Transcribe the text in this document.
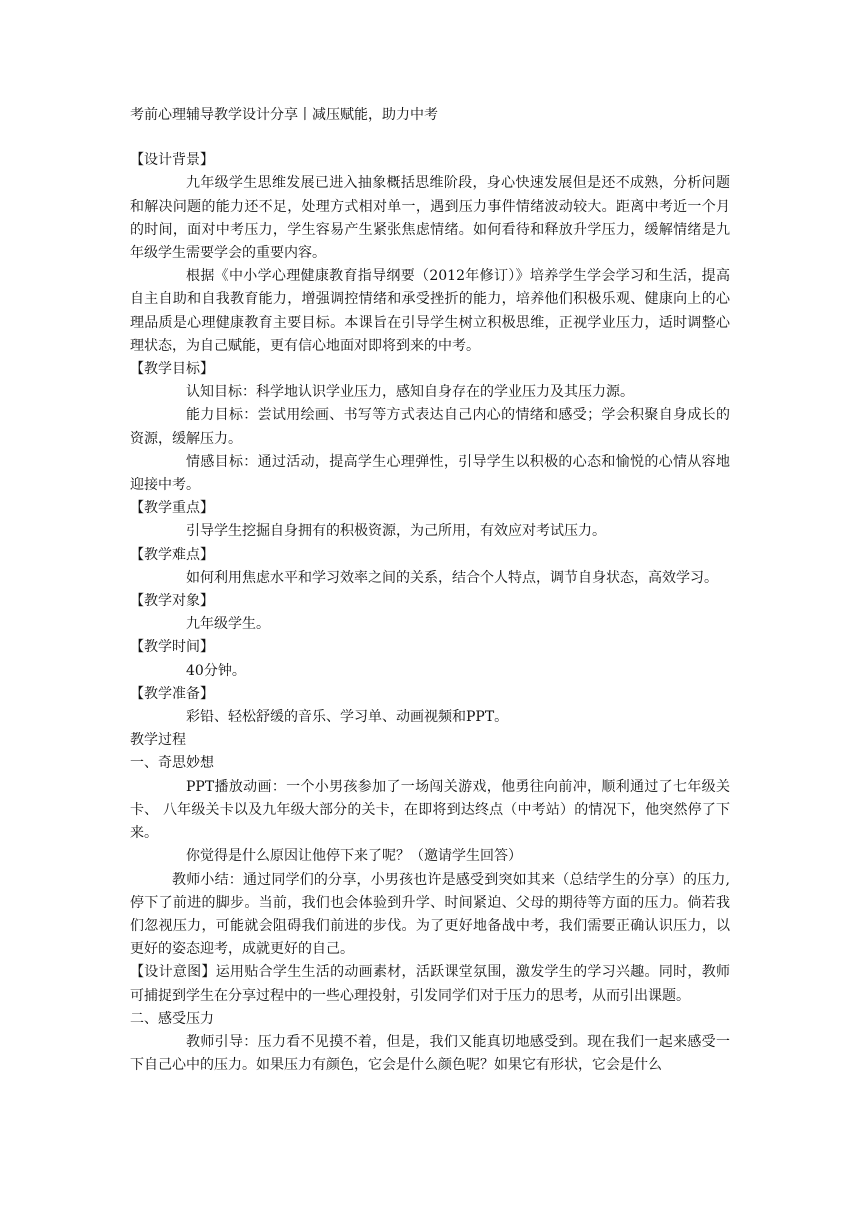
考前心理辅导教学设计分享丨减压赋能，助力中考

【设计背景】

九年级学生思维发展已进入抽象概括思维阶段，身心快速发展但是还不成熟，分析问题和解决问题的能力还不足，处理方式相对单一，遇到压力事件情绪波动较大。距离中考近一个月的时间，面对中考压力，学生容易产生紧张焦虑情绪。如何看待和释放升学压力，缓解情绪是九年级学生需要学会的重要内容。

根据《中小学心理健康教育指导纲要（2012年修订）》培养学生学会学习和生活，提高自主自助和自我教育能力，增强调控情绪和承受挫折的能力，培养他们积极乐观、健康向上的心理品质是心理健康教育主要目标。本课旨在引导学生树立积极思维，正视学业压力，适时调整心理状态，为自己赋能，更有信心地面对即将到来的中考。

【教学目标】

认知目标：科学地认识学业压力，感知自身存在的学业压力及其压力源。

能力目标：尝试用绘画、书写等方式表达自己内心的情绪和感受；学会积聚自身成长的资源，缓解压力。

情感目标：通过活动，提高学生心理弹性，引导学生以积极的心态和愉悦的心情从容地迎接中考。

【教学重点】

引导学生挖掘自身拥有的积极资源，为己所用，有效应对考试压力。

【教学难点】

如何利用焦虑水平和学习效率之间的关系，结合个人特点，调节自身状态，高效学习。

【教学对象】

九年级学生。

【教学时间】

40分钟。

【教学准备】

彩铅、轻松舒缓的音乐、学习单、动画视频和PPT。

教学过程

一、奇思妙想

PPT播放动画：一个小男孩参加了一场闯关游戏，他勇往向前冲，顺利通过了七年级关卡、 八年级关卡以及九年级大部分的关卡，在即将到达终点（中考站）的情况下，他突然停了下来。

你觉得是什么原因让他停下来了呢？（邀请学生回答）

教师小结：通过同学们的分享，小男孩也许是感受到突如其来（总结学生的分享）的压力,停下了前进的脚步。当前，我们也会体验到升学、时间紧迫、父母的期待等方面的压力。倘若我们忽视压力，可能就会阻碍我们前进的步伐。为了更好地备战中考，我们需要正确认识压力，以更好的姿态迎考，成就更好的自己。

【设计意图】运用贴合学生生活的动画素材，活跃课堂氛围，激发学生的学习兴趣。同时，教师可捕捉到学生在分享过程中的一些心理投射，引发同学们对于压力的思考，从而引出课题。

二、感受压力

教师引导：压力看不见摸不着，但是，我们又能真切地感受到。现在我们一起来感受一下自己心中的压力。如果压力有颜色，它会是什么颜色呢？如果它有形状，它会是什么
